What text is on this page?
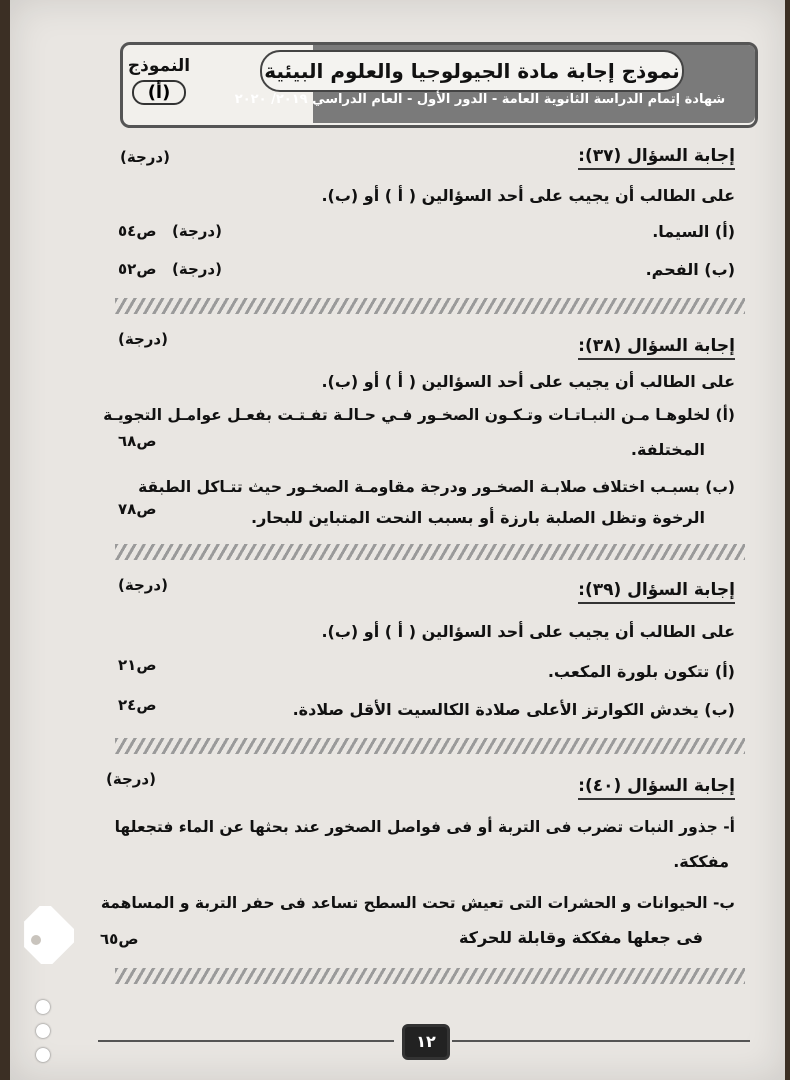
نموذج إجابة مادة الجيولوجيا والعلوم البيئية
شهادة إتمام الدراسة الثانوية العامة - الدور الأول - العام الدراسي ٢٠١٩/ ٢٠٢٠
النموذج
(أ)
إجابة السؤال (٣٧):
(درجة)
على الطالب أن يجيب على أحد السؤالين ( أ ) أو (ب).
(أ) السيما.
(درجة)
ص٥٤
(ب) الفحم.
(درجة)
ص٥٢
إجابة السؤال (٣٨):
(درجة)
على الطالب أن يجيب على أحد السؤالين ( أ ) أو (ب).
(أ) لخلوهـا مـن النبـاتـات وتـكـون الصخـور فـي حـالـة تفـتـت بفعـل عوامـل التجويـة
المختلفة.
ص٦٨
(ب) بسبـب اختلاف صلابـة الصخـور ودرجة مقاومـة الصخـور حيث تتـاكل الطبقة
الرخوة وتظل الصلبة بارزة أو بسبب النحت المتباين للبحار.
ص٧٨
إجابة السؤال (٣٩):
(درجة)
على الطالب أن يجيب على أحد السؤالين ( أ ) أو (ب).
(أ) تتكون بلورة المكعب.
ص٢١
(ب) يخدش الكوارتز الأعلى صلادة الكالسيت الأقل صلادة.
ص٢٤
إجابة السؤال (٤٠):
(درجة)
أ- جذور النبات تضرب فى التربة أو فى فواصل الصخور عند بحثها عن الماء فتجعلها
مفككة.
ب- الحيوانات و الحشرات التى تعيش تحت السطح تساعد فى حفر التربة و المساهمة
فى جعلها مفككة وقابلة للحركة
ص٦٥
١٢
